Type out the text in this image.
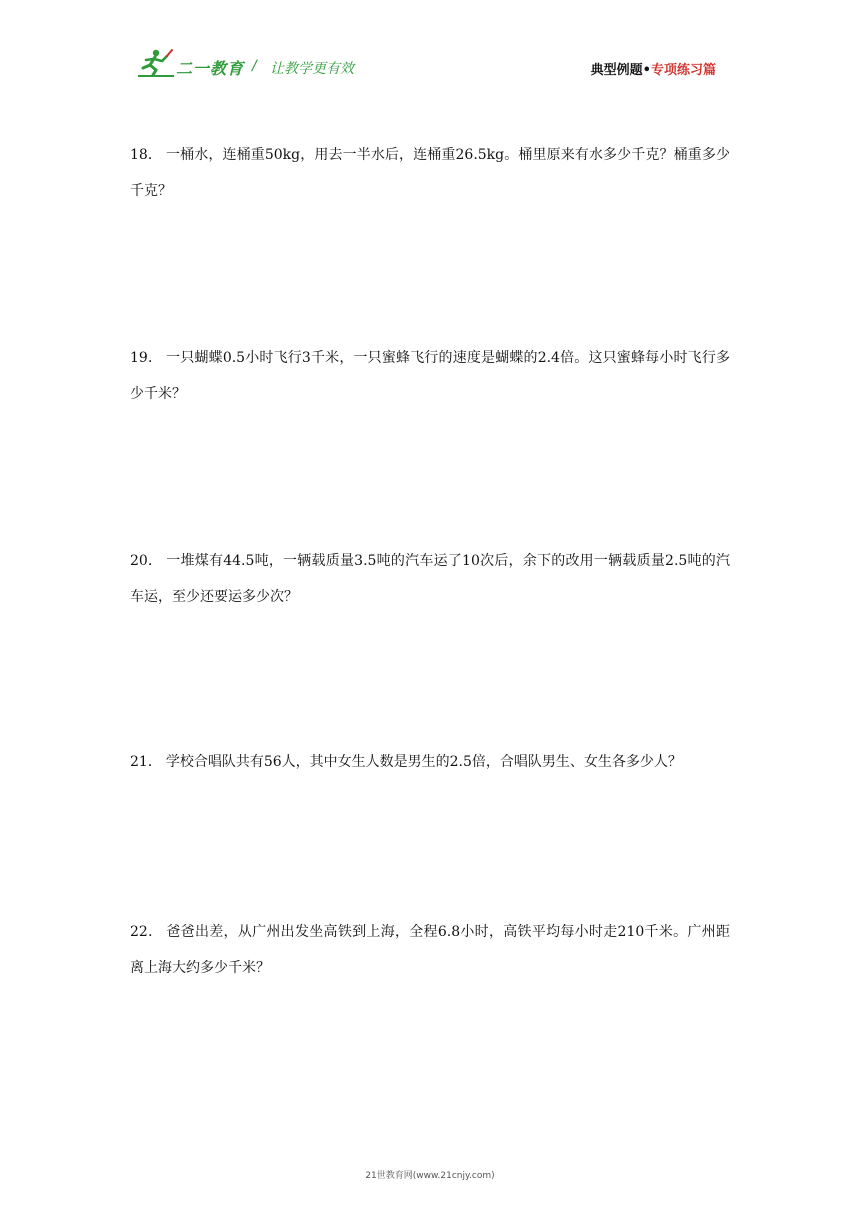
二一教育 / 让教学更有效	典型例题•专项练习篇
18． 一桶水，连桶重50kg，用去一半水后，连桶重26.5kg。桶里原来有水多少千克？桶重多少千克？
19． 一只蝴蝶0.5小时飞行3千米，一只蜜蜂飞行的速度是蝴蝶的2.4倍。这只蜜蜂每小时飞行多少千米？
20． 一堆煤有44.5吨，一辆载质量3.5吨的汽车运了10次后，余下的改用一辆载质量2.5吨的汽车运，至少还要运多少次？
21． 学校合唱队共有56人，其中女生人数是男生的2.5倍，合唱队男生、女生各多少人？
22． 爸爸出差，从广州出发坐高铁到上海，全程6.8小时，高铁平均每小时走210千米。广州距离上海大约多少千米？
21世教育网(www.21cnjy.com)
